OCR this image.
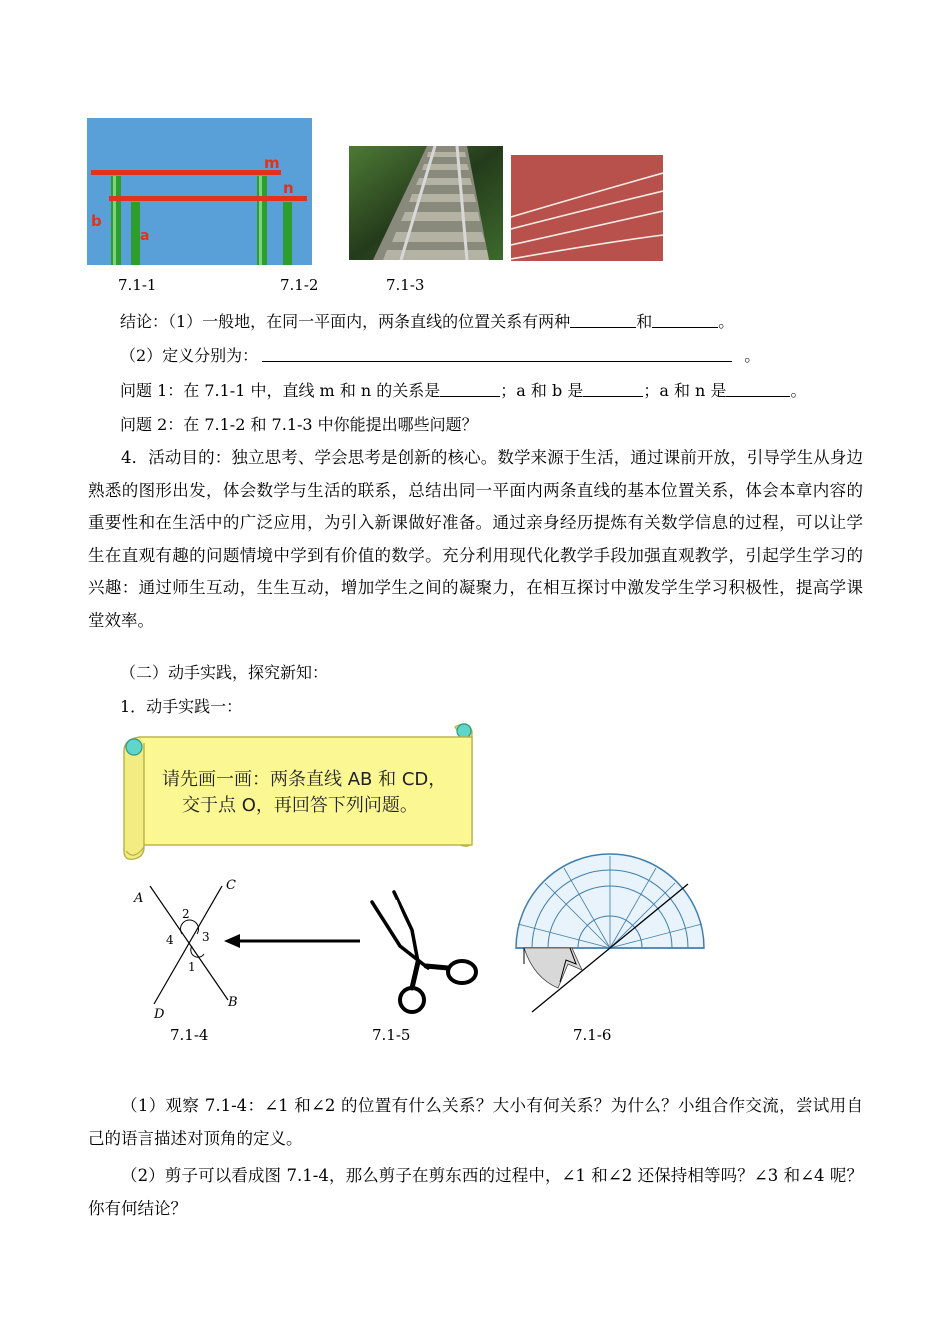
m
n
b
a
7.1-1	7.1-2	7.1-3
结论：（1）一般地，在同一平面内，两条直线的位置关系有两种	和	。
（2）定义分别为：	。
问题 1：在 7.1-1 中，直线 m 和 n 的关系是	；a 和 b 是	；a 和 n 是	。
问题 2：在 7.1-2 和 7.1-3 中你能提出哪些问题？
4．活动目的：独立思考、学会思考是创新的核心。数学来源于生活，通过课前开放，引导学生从身边熟悉的图形出发，体会数学与生活的联系，总结出同一平面内两条直线的基本位置关系，体会本章内容的重要性和在生活中的广泛应用，为引入新课做好准备。通过亲身经历提炼有关数学信息的过程，可以让学生在直观有趣的问题情境中学到有价值的数学。充分利用现代化教学手段加强直观教学，引起学生学习的兴趣：通过师生互动，生生互动，增加学生之间的凝聚力，在相互探讨中激发学生学习积极性，提高学课堂效率。
（二）动手实践，探究新知：
1．动手实践一：
请先画一画：两条直线 AB 和 CD，
交于点 O，再回答下列问题。
A
C
B
D
1
2
3
4
7.1-4	7.1-5	7.1-6
（1）观察 7.1-4：∠1 和∠2 的位置有什么关系？大小有何关系？为什么？小组合作交流，尝试用自己的语言描述对顶角的定义。
（2）剪子可以看成图 7.1-4，那么剪子在剪东西的过程中，∠1 和∠2 还保持相等吗？∠3 和∠4 呢？你有何结论？
